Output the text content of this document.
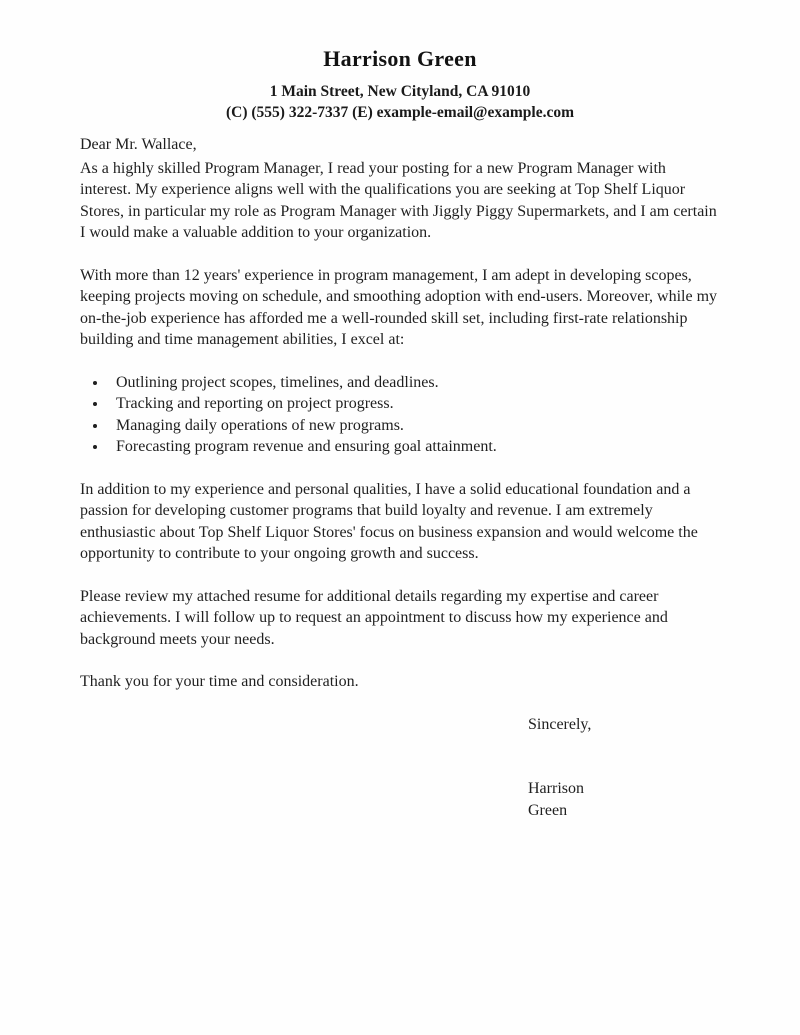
Harrison Green
1 Main Street, New Cityland, CA 91010
(C) (555) 322-7337 (E) example-email@example.com

Dear Mr. Wallace,

As a highly skilled Program Manager, I read your posting for a new Program Manager with interest. My experience aligns well with the qualifications you are seeking at Top Shelf Liquor Stores, in particular my role as Program Manager with Jiggly Piggy Supermarkets, and I am certain I would make a valuable addition to your organization.

With more than 12 years' experience in program management, I am adept in developing scopes, keeping projects moving on schedule, and smoothing adoption with end-users. Moreover, while my on-the-job experience has afforded me a well-rounded skill set, including first-rate relationship building and time management abilities, I excel at:

• Outlining project scopes, timelines, and deadlines.
• Tracking and reporting on project progress.
• Managing daily operations of new programs.
• Forecasting program revenue and ensuring goal attainment.

In addition to my experience and personal qualities, I have a solid educational foundation and a passion for developing customer programs that build loyalty and revenue. I am extremely enthusiastic about Top Shelf Liquor Stores' focus on business expansion and would welcome the opportunity to contribute to your ongoing growth and success.

Please review my attached resume for additional details regarding my expertise and career achievements. I will follow up to request an appointment to discuss how my experience and background meets your needs.

Thank you for your time and consideration.

Sincerely,
Harrison
Green
